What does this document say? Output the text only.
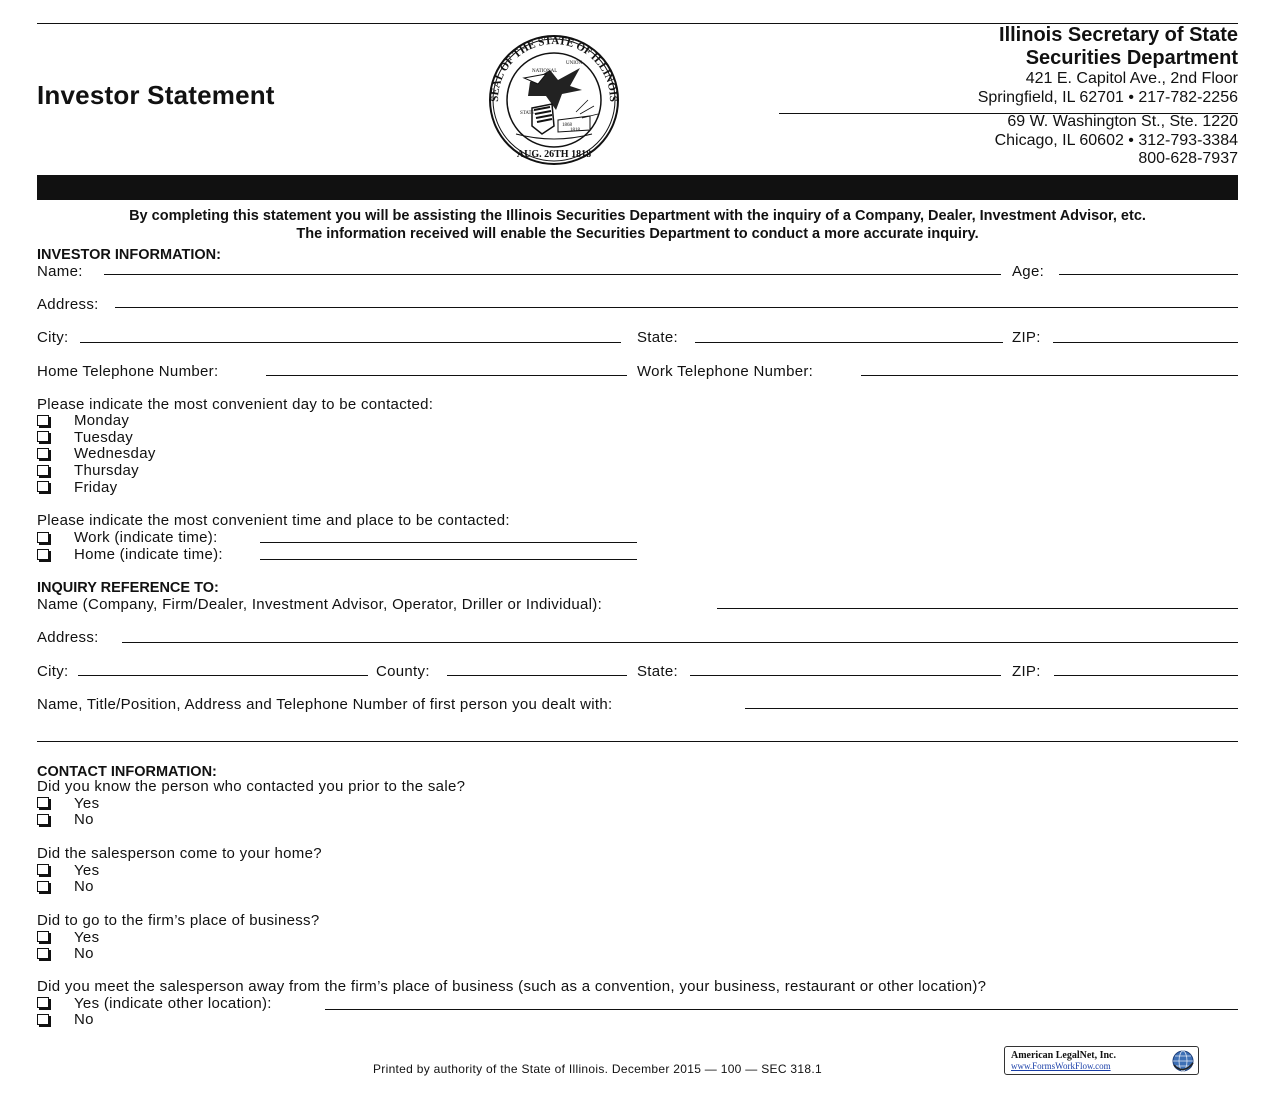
Investor Statement	SEAL OF THE STATE OF ILLINOIS
AUG. 26TH 1818
NATIONAL
UNION
STATE
1868
1818
Illinois Secretary of State
Securities Department
421 E. Capitol Ave., 2nd Floor
Springfield, IL 62701 • 217-782-2256
69 W. Washington St., Ste. 1220
Chicago, IL 60602 • 312-793-3384
800-628-7937
By completing this statement you will be assisting the Illinois Securities Department with the inquiry of a Company, Dealer, Investment Advisor, etc.
The information received will enable the Securities Department to conduct a more accurate inquiry.
INVESTOR INFORMATION:
Name:	Age:
Address:
City:	State:	ZIP:
Home Telephone Number:	Work Telephone Number:
Please indicate the most convenient day to be contacted:
Monday
Tuesday
Wednesday
Thursday
Friday
Please indicate the most convenient time and place to be contacted:
Work (indicate time):
Home (indicate time):
INQUIRY REFERENCE TO:
Name (Company, Firm/Dealer, Investment Advisor, Operator, Driller or Individual):
Address:
City:	County:	State:	ZIP:
Name, Title/Position, Address and Telephone Number of first person you dealt with:
CONTACT INFORMATION:
Did you know the person who contacted you prior to the sale?
Yes
No
Did the salesperson come to your home?
Yes
No
Did to go to the firm’s place of business?
Yes
No
Did you meet the salesperson away from the firm’s place of business (such as a convention, your business, restaurant or other location)?
Yes (indicate other location):
No
Printed by authority of the State of Illinois. December 2015 — 100 — SEC 318.1
American LegalNet, Inc.
www.FormsWorkFlow.com
